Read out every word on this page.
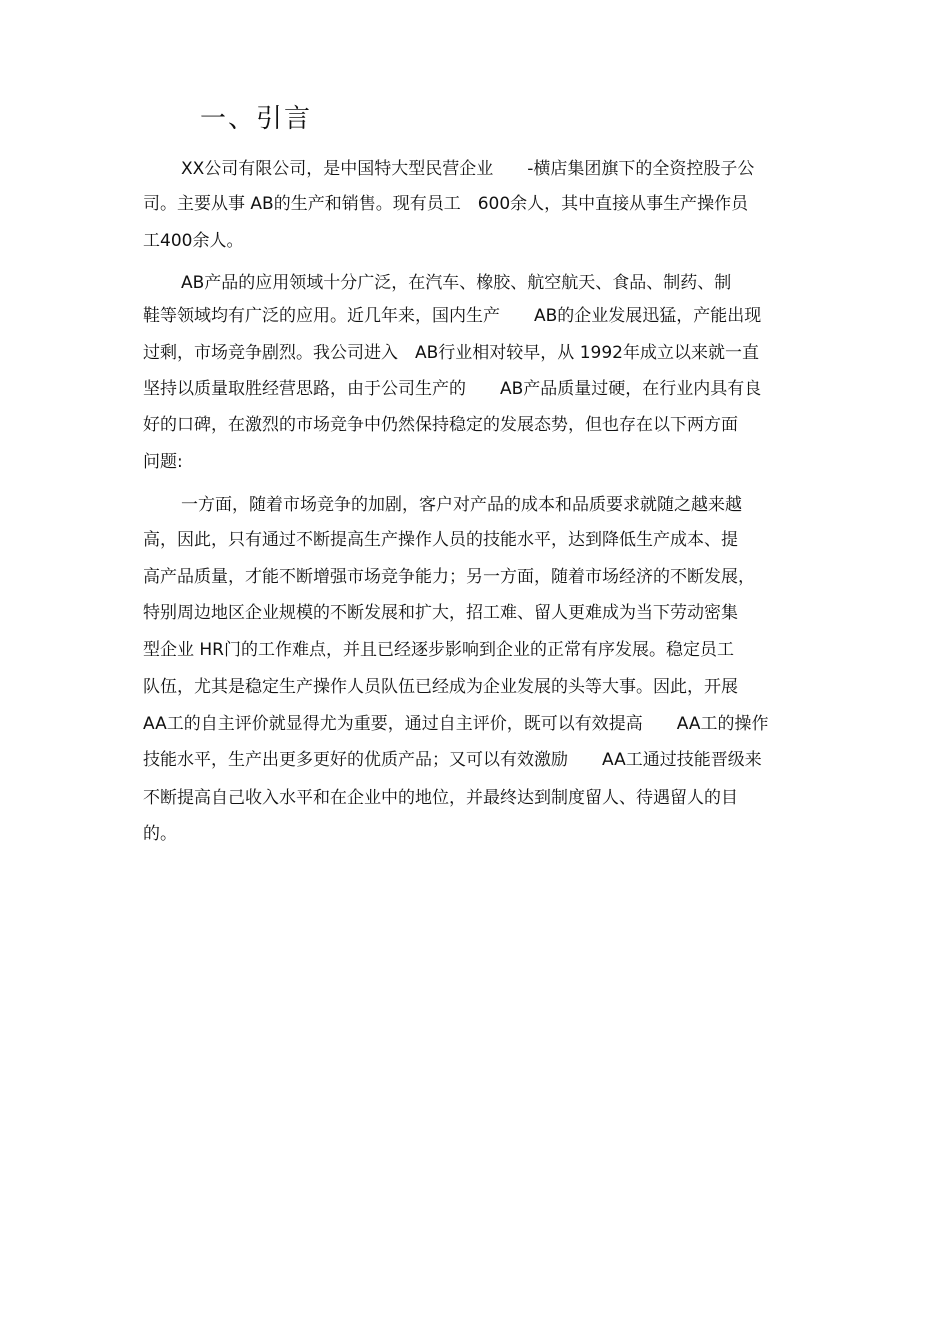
一、引言
XX公司有限公司，是中国特大型民营企业　　-横店集团旗下的全资控股子公
司。主要从事 AB的生产和销售。现有员工　600余人，其中直接从事生产操作员
工400余人。
AB产品的应用领域十分广泛，在汽车、橡胶、航空航天、食品、制药、制
鞋等领域均有广泛的应用。近几年来，国内生产　　AB的企业发展迅猛，产能出现
过剩，市场竞争剧烈。我公司进入　AB行业相对较早，从 1992年成立以来就一直
坚持以质量取胜经营思路，由于公司生产的　　AB产品质量过硬，在行业内具有良
好的口碑，在激烈的市场竞争中仍然保持稳定的发展态势，但也存在以下两方面
问题:
一方面，随着市场竞争的加剧，客户对产品的成本和品质要求就随之越来越
高，因此，只有通过不断提高生产操作人员的技能水平，达到降低生产成本、提
高产品质量，才能不断增强市场竞争能力；另一方面，随着市场经济的不断发展，
特别周边地区企业规模的不断发展和扩大，招工难、留人更难成为当下劳动密集
型企业 HR门的工作难点，并且已经逐步影响到企业的正常有序发展。稳定员工
队伍，尤其是稳定生产操作人员队伍已经成为企业发展的头等大事。因此，开展
AA工的自主评价就显得尤为重要，通过自主评价，既可以有效提高　　AA工的操作
技能水平，生产出更多更好的优质产品；又可以有效激励　　AA工通过技能晋级来
不断提高自己收入水平和在企业中的地位，并最终达到制度留人、待遇留人的目
的。
